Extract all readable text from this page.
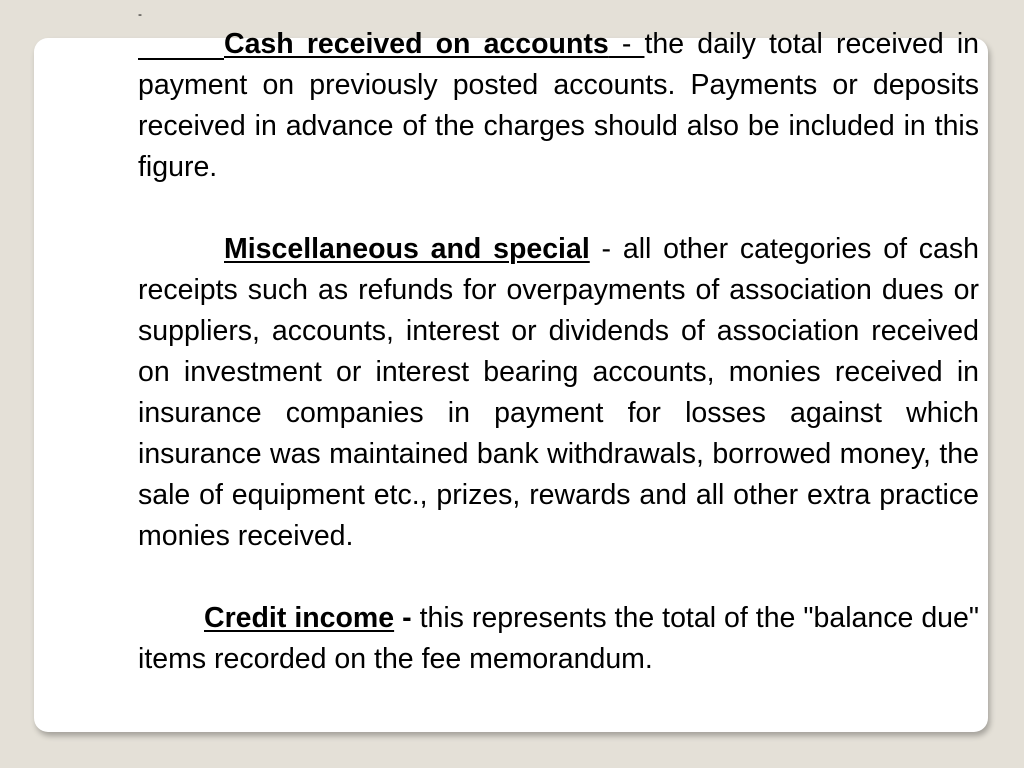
-

Cash received on accounts - the daily total received in payment on previously posted accounts. Payments or deposits received in advance of the charges should also be included in this figure.

Miscellaneous and special - all other categories of cash receipts such as refunds for overpayments of association dues or suppliers, accounts, interest or dividends of association received on investment or interest bearing accounts, monies received in insurance companies in payment for losses against which insurance was maintained bank withdrawals, borrowed money, the sale of equipment etc., prizes, rewards and all other extra practice monies received.

Credit income - this represents the total of the "balance due" items recorded on the fee memorandum.
